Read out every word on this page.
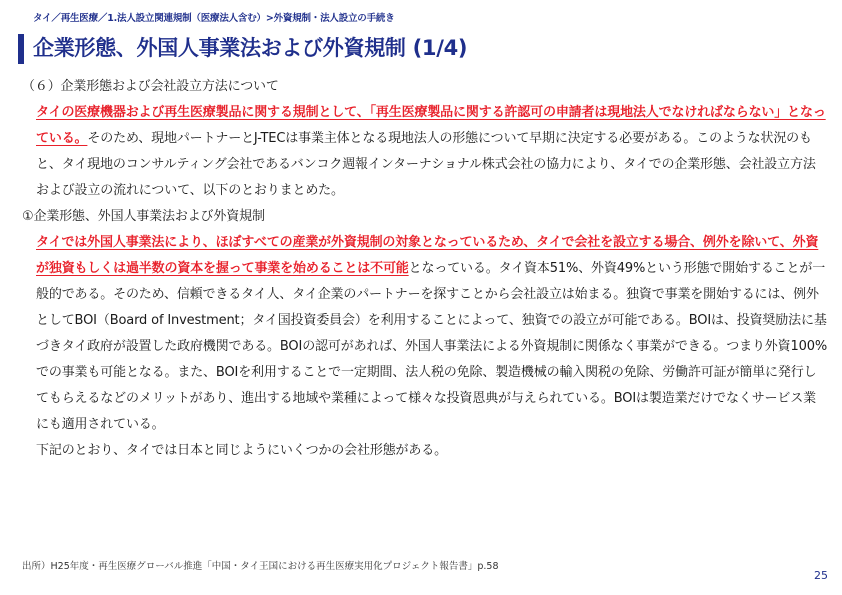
タイ／再生医療／1.法人設立関連規制（医療法人含む）>外資規制・法人設立の手続き
企業形態、外国人事業法および外資規制 (1/4)

（６）企業形態および会社設立方法について

タイの医療機器および再生医療製品に関する規制として、「再生医療製品に関する許認可の申請者は現地法人でなければならない」となっている。そのため、現地パートナーとJ-TECは事業主体となる現地法人の形態について早期に決定する必要がある。このような状況のもと、タイ現地のコンサルティング会社であるバンコク週報インターナショナル株式会社の協力により、タイでの企業形態、会社設立方法および設立の流れについて、以下のとおりまとめた。

①企業形態、外国人事業法および外資規制

タイでは外国人事業法により、ほぼすべての産業が外資規制の対象となっているため、タイで会社を設立する場合、例外を除いて、外資が独資もしくは過半数の資本を握って事業を始めることは不可能となっている。タイ資本51%、外資49%という形態で開始することが一般的である。そのため、信頼できるタイ人、タイ企業のパートナーを探すことから会社設立は始まる。独資で事業を開始するには、例外としてBOI（Board of Investment；タイ国投資委員会）を利用することによって、独資での設立が可能である。BOIは、投資奨励法に基づきタイ政府が設置した政府機関である。BOIの認可があれば、外国人事業法による外資規制に関係なく事業ができる。つまり外資100%での事業も可能となる。また、BOIを利用することで一定期間、法人税の免除、製造機械の輸入関税の免除、労働許可証が簡単に発行してもらえるなどのメリットがあり、進出する地域や業種によって様々な投資恩典が与えられている。BOIは製造業だけでなくサービス業にも適用されている。

下記のとおり、タイでは日本と同じようにいくつかの会社形態がある。

出所）H25年度・再生医療グローバル推進「中国・タイ王国における再生医療実用化プロジェクト報告書」p.58
25
